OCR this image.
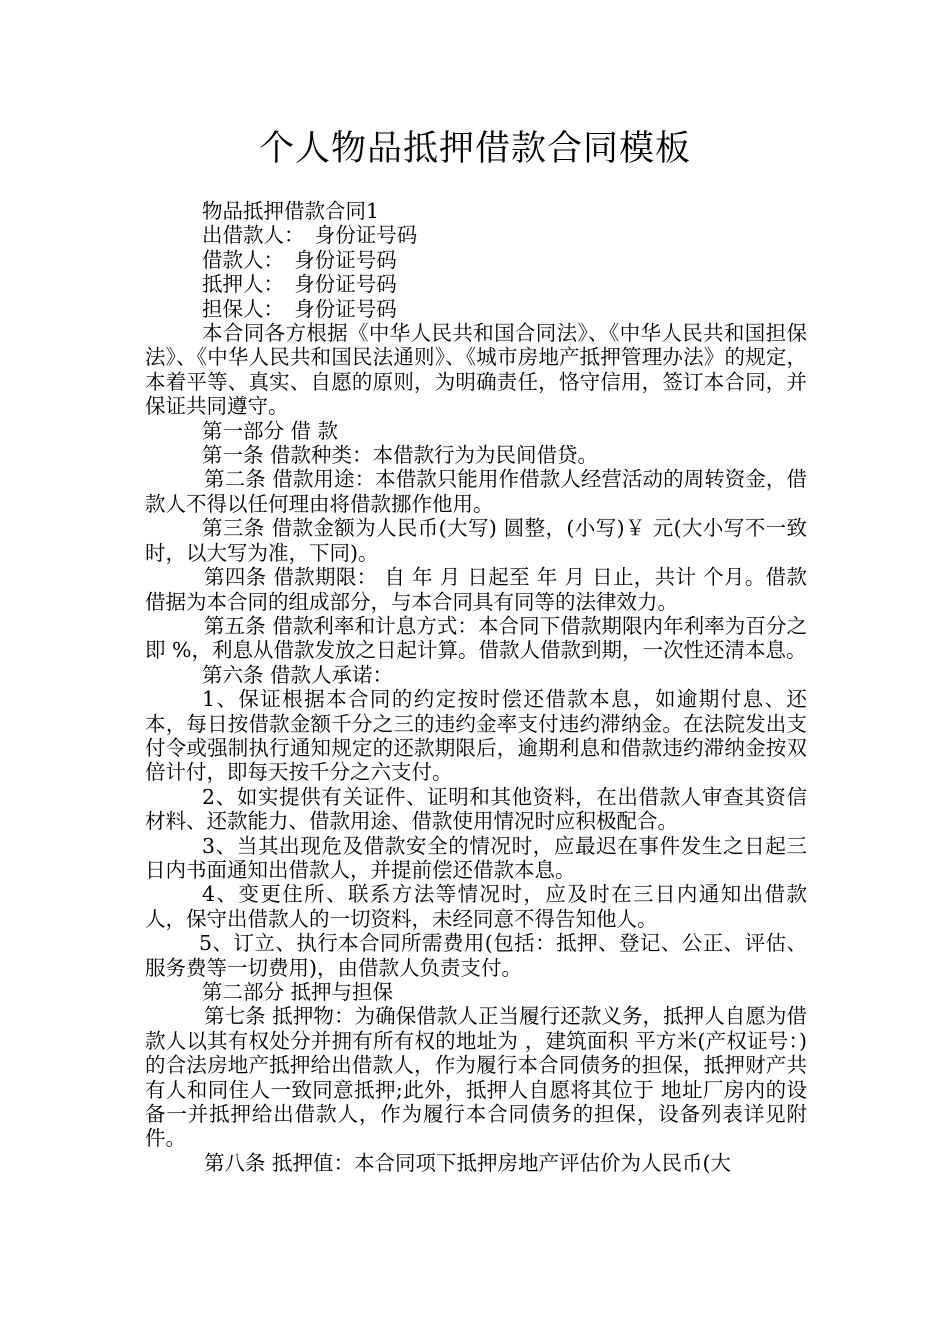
个人物品抵押借款合同模板

物品抵押借款合同1

出借款人：　身份证号码

借款人：　身份证号码

抵押人：　身份证号码

担保人：　身份证号码

本合同各方根据《中华人民共和国合同法》、《中华人民共和国担保法》、《中华人民共和国民法通则》、《城市房地产抵押管理办法》的规定，本着平等、真实、自愿的原则，为明确责任，恪守信用，签订本合同，并保证共同遵守。

第一部分 借 款

第一条 借款种类：本借款行为为民间借贷。

第二条 借款用途：本借款只能用作借款人经营活动的周转资金，借款人不得以任何理由将借款挪作他用。

第三条 借款金额为人民币(大写) 圆整，(小写)￥ 元(大小写不一致时，以大写为准，下同)。

第四条 借款期限： 自 年 月 日起至 年 月 日止，共计 个月。借款借据为本合同的组成部分，与本合同具有同等的法律效力。

第五条 借款利率和计息方式：本合同下借款期限内年利率为百分之 即 %，利息从借款发放之日起计算。借款人借款到期，一次性还清本息。

第六条 借款人承诺：

1、保证根据本合同的约定按时偿还借款本息，如逾期付息、还本，每日按借款金额千分之三的违约金率支付违约滞纳金。在法院发出支付令或强制执行通知规定的还款期限后，逾期利息和借款违约滞纳金按双倍计付，即每天按千分之六支付。

2、如实提供有关证件、证明和其他资料，在出借款人审查其资信材料、还款能力、借款用途、借款使用情况时应积极配合。

3、当其出现危及借款安全的情况时，应最迟在事件发生之日起三日内书面通知出借款人，并提前偿还借款本息。

4、变更住所、联系方法等情况时，应及时在三日内通知出借款人，保守出借款人的一切资料，未经同意不得告知他人。

5、订立、执行本合同所需费用(包括：抵押、登记、公正、评估、服务费等一切费用)，由借款人负责支付。

第二部分 抵押与担保

第七条 抵押物：为确保借款人正当履行还款义务，抵押人自愿为借款人以其有权处分并拥有所有权的地址为 ，建筑面积 平方米(产权证号：)的合法房地产抵押给出借款人，作为履行本合同债务的担保，抵押财产共有人和同住人一致同意抵押;此外，抵押人自愿将其位于 地址厂房内的设备一并抵押给出借款人，作为履行本合同债务的担保，设备列表详见附件。

第八条 抵押值：本合同项下抵押房地产评估价为人民币(大
